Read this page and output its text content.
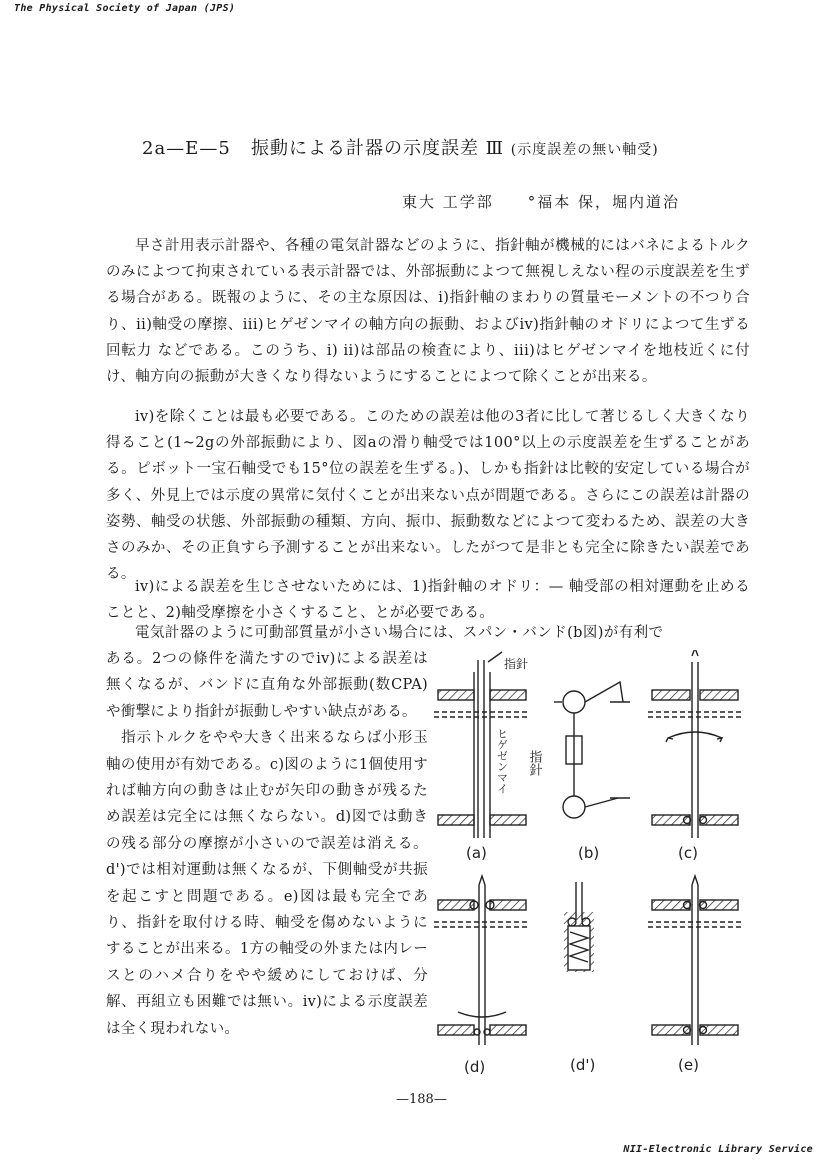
The Physical Society of Japan (JPS)
2a—E—5 振動による計器の示度誤差 Ⅲ (示度誤差の無い軸受)
東大 工学部　　°福本 保，堀内道治

早さ計用表示計器や、各種の電気計器などのように、指針軸が機械的にはバネによるトルクのみによつて拘束されている表示計器では、外部振動によつて無視しえない程の示度誤差を生ずる場合がある。既報のように、その主な原因は、i)指針軸のまわりの質量モーメントの不つり合り、ii)軸受の摩擦、iii)ヒゲゼンマイの軸方向の振動、およびiv)指針軸のオドリによつて生ずる回転力 などである。このうち、i) ii)は部品の検査により、iii)はヒゲゼンマイを地枝近くに付け、軸方向の振動が大きくなり得ないようにすることによつて除くことが出来る。

iv)を除くことは最も必要である。このための誤差は他の3者に比して著じるしく大きくなり得ること(1~2gの外部振動により、図aの滑り軸受では100°以上の示度誤差を生ずることがある。ピボット一宝石軸受でも15°位の誤差を生ずる。)、しかも指針は比較的安定している場合が多く、外見上では示度の異常に気付くことが出来ない点が問題である。さらにこの誤差は計器の姿勢、軸受の状態、外部振動の種類、方向、振巾、振動数などによつて変わるため、誤差の大きさのみか、その正負すら予測することが出来ない。したがつて是非とも完全に除きたい誤差である。

iv)による誤差を生じさせないためには、1)指針軸のオドリ：— 軸受部の相対運動を止めることと、2)軸受摩擦を小さくすること、とが必要である。

電気計器のように可動部質量が小さい場合には、スパン・バンド(b図)が有利で

ある。2つの條件を満たすのでiv)による誤差は無くなるが、バンドに直角な外部振動(数CPA)や衝撃により指針が振動しやすい缺点がある。
指示トルクをやや大きく出来るならば小形玉軸の使用が有効である。c)図のように1個使用すれば軸方向の動きは止むが矢印の動きが残るため誤差は完全には無くならない。d)図では動きの残る部分の摩擦が小さいので誤差は消える。d')では相対運動は無くなるが、下側軸受が共振を起こすと問題である。e)図は最も完全であり、指針を取付ける時、軸受を傷めないようにすることが出来る。1方の軸受の外または内レースとのハメ合りをやや緩めにしておけば、分解、再組立も困難では無い。iv)による示度誤差は全く現われない。
指針
ヒゲゼンマイ 指針
(a)	(b)	(c)
(d)	(d')	(e)
—188—
NII-Electronic Library Service
